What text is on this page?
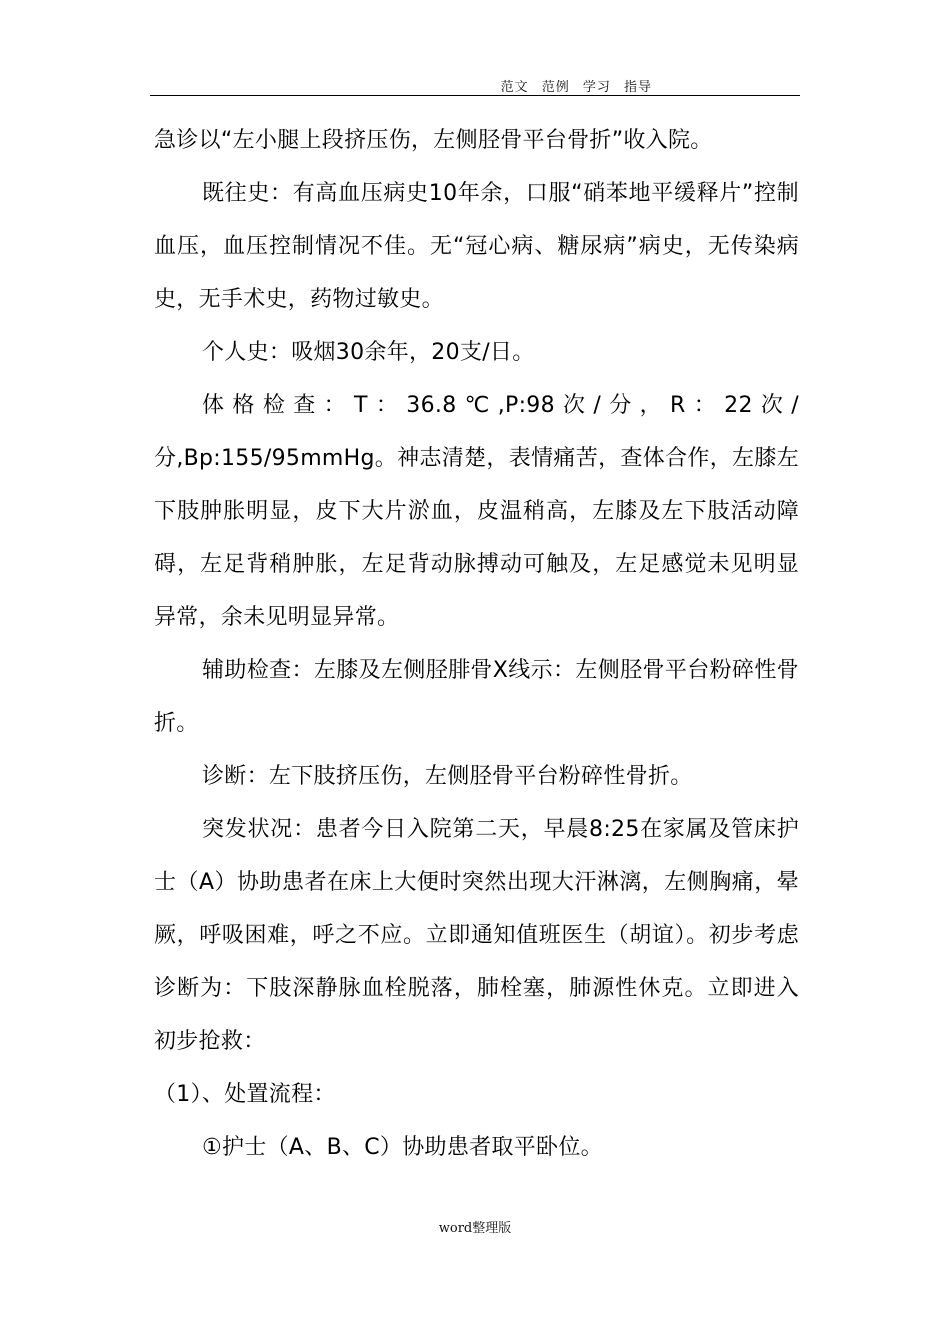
范文 范例 学习 指导

急诊以“左小腿上段挤压伤，左侧胫骨平台骨折”收入院。

既往史：有高血压病史10年余，口服“硝苯地平缓释片”控制血压，血压控制情况不佳。无“冠心病、糖尿病”病史，无传染病史，无手术史，药物过敏史。

个人史：吸烟30余年，20支/日。

体格检查：T：36.8℃,P:98次/分，R：22次/分,Bp:155/95mmHg。神志清楚，表情痛苦，查体合作，左膝左下肢肿胀明显，皮下大片淤血，皮温稍高，左膝及左下肢活动障碍，左足背稍肿胀，左足背动脉搏动可触及，左足感觉未见明显异常，余未见明显异常。

辅助检查：左膝及左侧胫腓骨X线示：左侧胫骨平台粉碎性骨折。

诊断：左下肢挤压伤，左侧胫骨平台粉碎性骨折。

突发状况：患者今日入院第二天，早晨8:25在家属及管床护士（A）协助患者在床上大便时突然出现大汗淋漓，左侧胸痛，晕厥，呼吸困难，呼之不应。立即通知值班医生（胡谊）。初步考虑诊断为：下肢深静脉血栓脱落，肺栓塞，肺源性休克。立即进入初步抢救：

（1）、处置流程：

①护士（A、B、C）协助患者取平卧位。

word整理版
